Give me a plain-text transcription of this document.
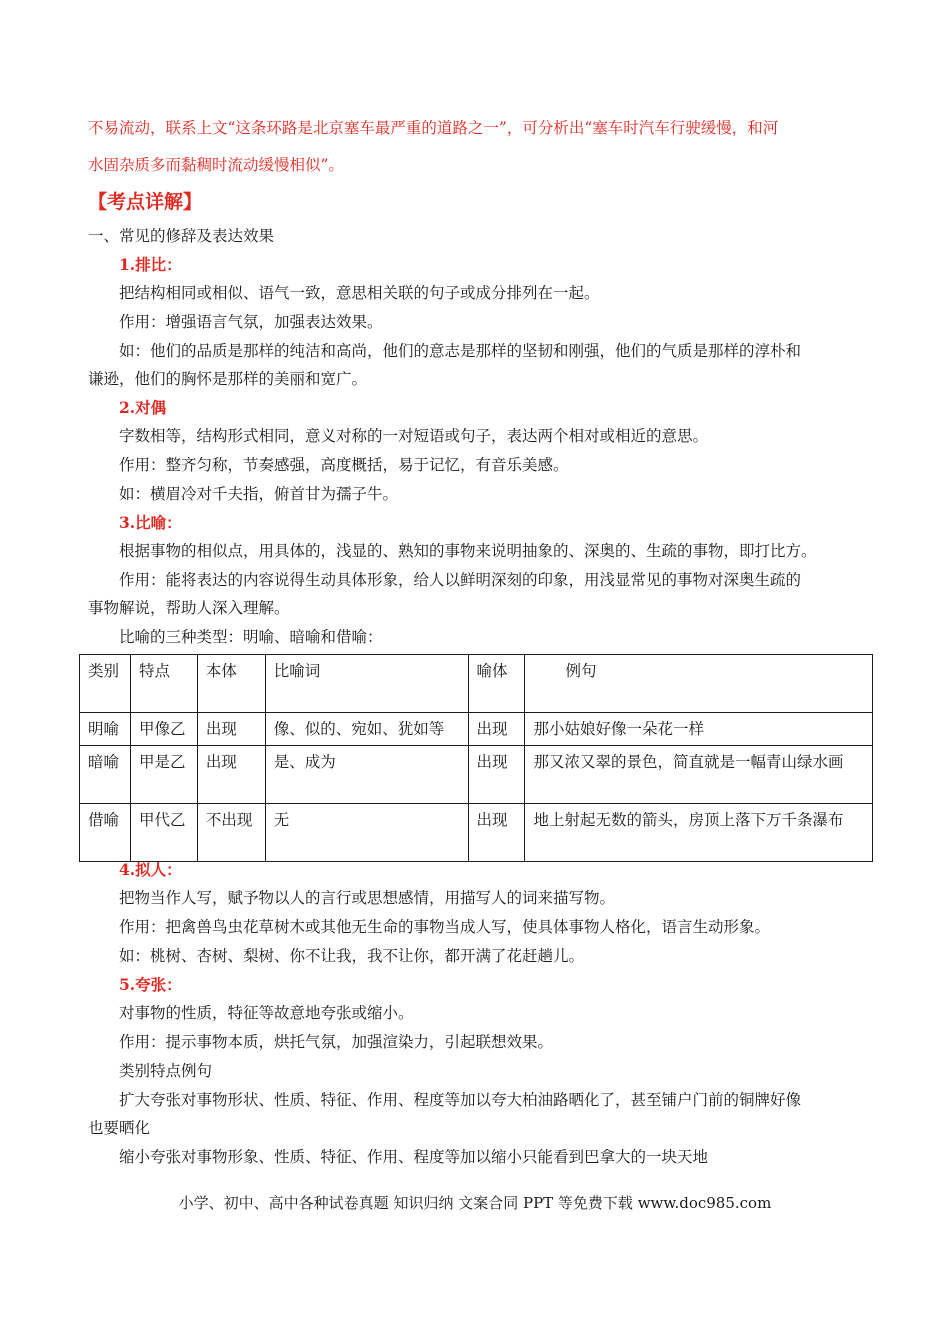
不易流动，联系上文“这条环路是北京塞车最严重的道路之一”，可分析出“塞车时汽车行驶缓慢，和河
水固杂质多而黏稠时流动缓慢相似”。
【考点详解】
一、常见的修辞及表达效果
1.排比：
把结构相同或相似、语气一致，意思相关联的句子或成分排列在一起。
作用：增强语言气氛，加强表达效果。
如：他们的品质是那样的纯洁和高尚，他们的意志是那样的坚韧和刚强，他们的气质是那样的淳朴和
谦逊，他们的胸怀是那样的美丽和宽广。
2.对偶
字数相等，结构形式相同，意义对称的一对短语或句子，表达两个相对或相近的意思。
作用：整齐匀称，节奏感强，高度概括，易于记忆，有音乐美感。
如：横眉冷对千夫指，俯首甘为孺子牛。
3.比喻：
根据事物的相似点，用具体的，浅显的、熟知的事物来说明抽象的、深奥的、生疏的事物，即打比方。
作用：能将表达的内容说得生动具体形象，给人以鲜明深刻的印象，用浅显常见的事物对深奥生疏的
事物解说，帮助人深入理解。
比喻的三种类型：明喻、暗喻和借喻：
类别	特点	本体	比喻词	喻体	例句
明喻	甲像乙	出现	像、似的、宛如、犹如等	出现	那小姑娘好像一朵花一样
暗喻	甲是乙	出现	是、成为	出现	那又浓又翠的景色，简直就是一幅青山绿水画
借喻	甲代乙	不出现	无	出现	地上射起无数的箭头，房顶上落下万千条瀑布
4.拟人：
把物当作人写，赋予物以人的言行或思想感情，用描写人的词来描写物。
作用：把禽兽鸟虫花草树木或其他无生命的事物当成人写，使具体事物人格化，语言生动形象。
如：桃树、杏树、梨树、你不让我，我不让你，都开满了花赶趟儿。
5.夸张：
对事物的性质，特征等故意地夸张或缩小。
作用：提示事物本质，烘托气氛，加强渲染力，引起联想效果。
类别特点例句
扩大夸张对事物形状、性质、特征、作用、程度等加以夸大柏油路晒化了，甚至铺户门前的铜牌好像
也要晒化
缩小夸张对事物形象、性质、特征、作用、程度等加以缩小只能看到巴拿大的一块天地
小学、初中、高中各种试卷真题 知识归纳 文案合同 PPT 等免费下载 www.doc985.com
